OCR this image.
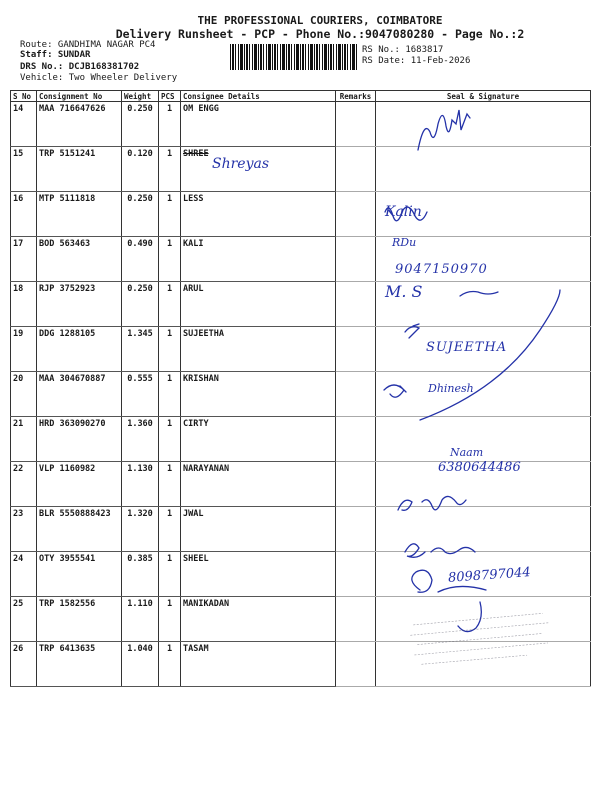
THE PROFESSIONAL COURIERS, COIMBATORE
Delivery Runsheet - PCP - Phone No.:9047080280 - Page No.:2
Route: GANDHIMA NAGAR PC4
Staff: SUNDAR
DRS No.: DCJB168381702
Vehicle: Two Wheeler Delivery
RS No.: 1683817
RS Date: 11-Feb-2026
S No	Consignment No	Weight	PCS	Consignee Details	Remarks	Seal & Signature
14	MAA 716647626	0.250	1	OM ENGG		
15	TRP 5151241	0.120	1	SHREE		
16	MTP 5111818	0.250	1	LESS		
17	BOD 563463	0.490	1	KALI		
18	RJP 3752923	0.250	1	ARUL		
19	DDG 1288105	1.345	1	SUJEETHA		
20	MAA 304670887	0.555	1	KRISHAN		
21	HRD 363090270	1.360	1	CIRTY		
22	VLP 1160982	1.130	1	NARAYANAN		
23	BLR 5550888423	1.320	1	JWAL		
24	OTY 3955541	0.385	1	SHEEL		
25	TRP 1582556	1.110	1	MANIKADAN		
26	TRP 6413635	1.040	1	TASAM		
Shreyas
Kalin
RDu
9047150970
M. S
SUJEETHA
Dhinesh
Naam
6380644486
8098797044
